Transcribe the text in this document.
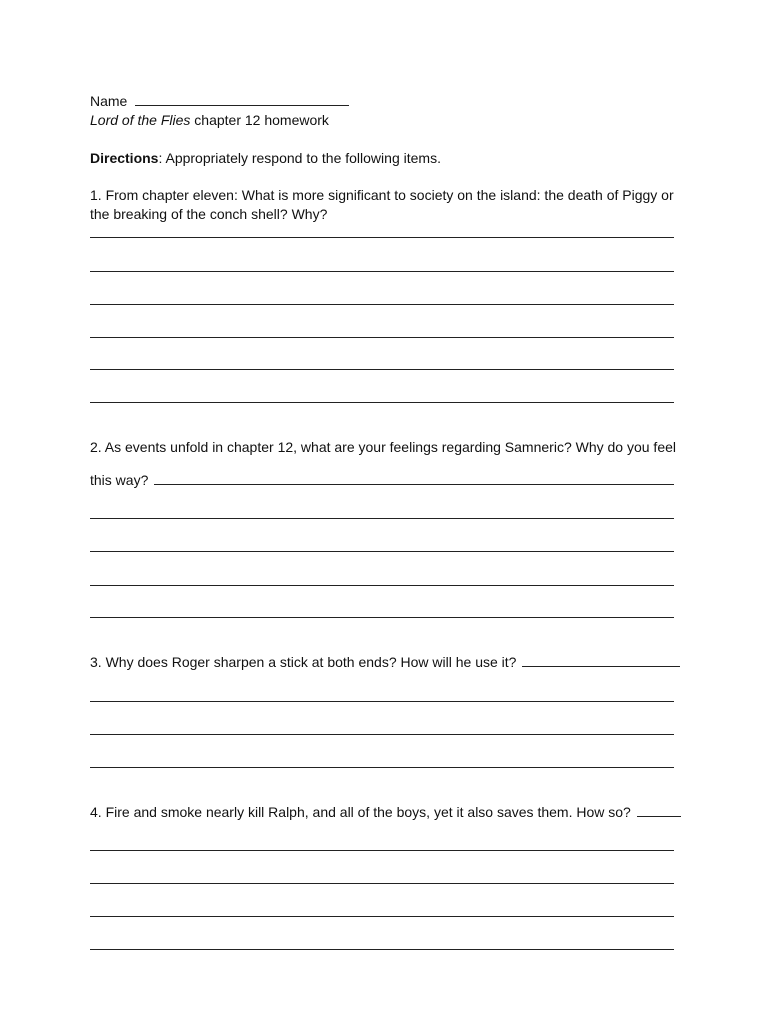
Name
Lord of the Flies chapter 12 homework
Directions: Appropriately respond to the following items.
1. From chapter eleven: What is more significant to society on the island: the death of Piggy or
the breaking of the conch shell? Why?
2. As events unfold in chapter 12, what are your feelings regarding Samneric? Why do you feel
this way?
3. Why does Roger sharpen a stick at both ends? How will he use it?
4. Fire and smoke nearly kill Ralph, and all of the boys, yet it also saves them. How so?
